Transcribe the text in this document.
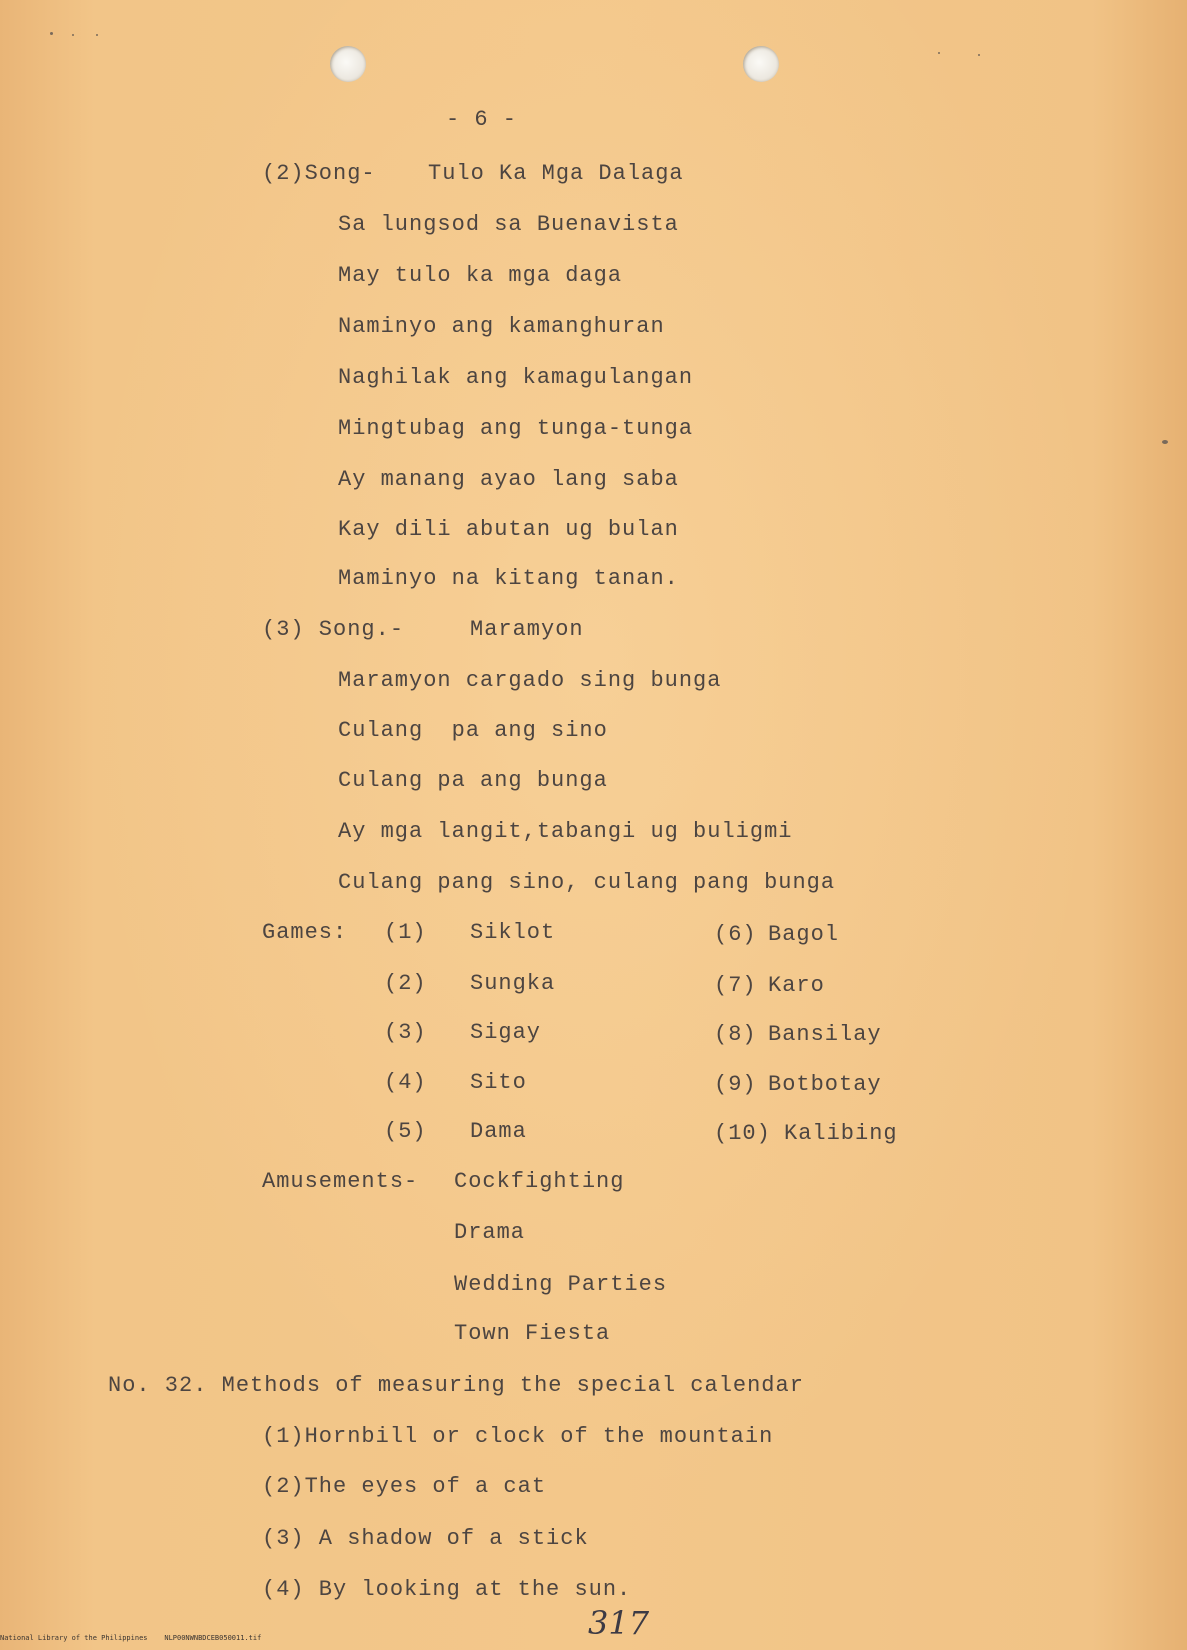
- 6 -
(2)Song- Tulo Ka Mga Dalaga
Sa lungsod sa Buenavista
May tulo ka mga daga
Naminyo ang kamanghuran
Naghilak ang kamagulangan
Mingtubag ang tunga-tunga
Ay manang ayao lang saba
Kay dili abutan ug bulan
Maminyo na kitang tanan.
(3) Song.-	Maramyon
Maramyon cargado sing bunga
Culang  pa ang sino
Culang pa ang bunga
Ay mga langit,tabangi ug buligmi
Culang pang sino, culang pang bunga
Games: (1) Siklot
(2) Sungka
(3) Sigay
(4) Sito
(5) Dama
(6) Bagol
(7) Karo
(8) Bansilay
(9) Botbotay
(10) Kalibing
Amusements- Cockfighting
Drama
Wedding Parties
Town Fiesta
No. 32. Methods of measuring the special calendar
(1)Hornbill or clock of the mountain
(2)The eyes of a cat
(3) A shadow of a stick
(4) By looking at the sun.
317
National Library of the Philippines    NLP00NWNBDCEB050011.tif
